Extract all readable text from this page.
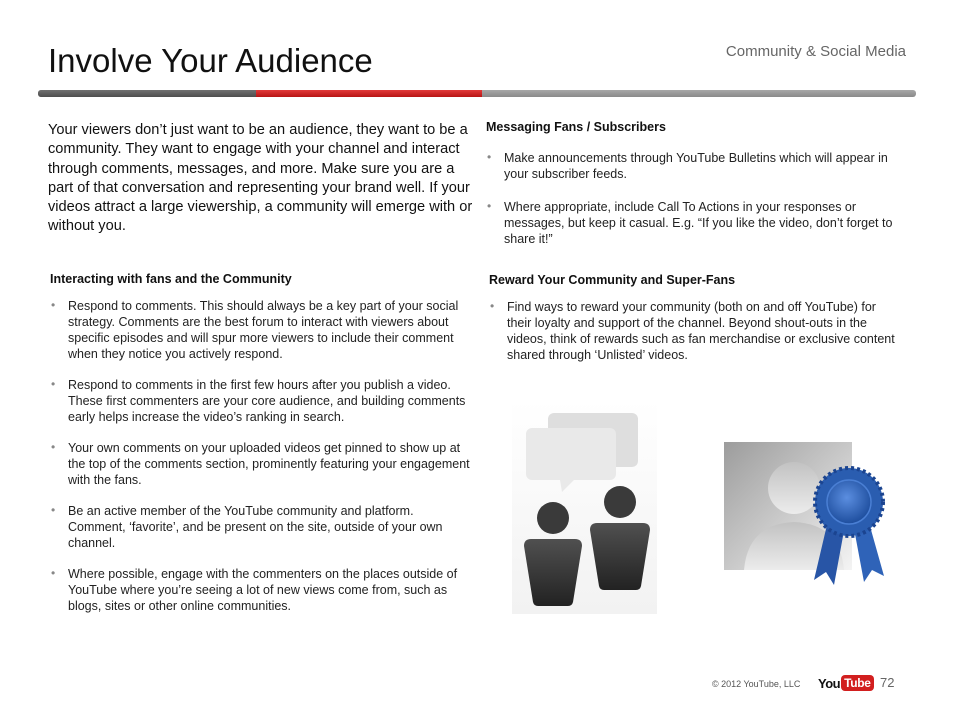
Involve Your Audience	Community & Social Media

Your viewers don’t just want to be an audience, they want to be a community. They want to engage with your channel and interact through comments, messages, and more. Make sure you are a part of that conversation and representing your brand well. If your videos attract a large viewership, a community will emerge with or without you.

Messaging Fans / Subscribers
• Make announcements through YouTube Bulletins which will appear in your subscriber feeds.
• Where appropriate, include Call To Actions in your responses or messages, but keep it casual. E.g. “If you like the video, don’t forget to share it!”
Interacting with fans and the Community
• Respond to comments. This should always be a key part of your social strategy. Comments are the best forum to interact with viewers about specific episodes and will spur more viewers to include their comment when they notice you actively respond.
• Respond to comments in the first few hours after you publish a video. These first commenters are your core audience, and building comments early helps increase the video’s ranking in search.
• Your own comments on your uploaded videos get pinned to show up at the top of the comments section, prominently featuring your engagement with the fans.
• Be an active member of the YouTube community and platform. Comment, ‘favorite’, and be present on the site, outside of your own channel.
• Where possible, engage with the commenters on the places outside of YouTube where you’re seeing a lot of new views come from, such as blogs, sites or other online communities.
Reward Your Community and Super-Fans
• Find ways to reward your community (both on and off YouTube) for their loyalty and support of the channel. Beyond shout-outs in the videos, think of rewards such as fan merchandise or exclusive content shared through ‘Unlisted’ videos.
© 2012 YouTube, LLC You Tube 72
